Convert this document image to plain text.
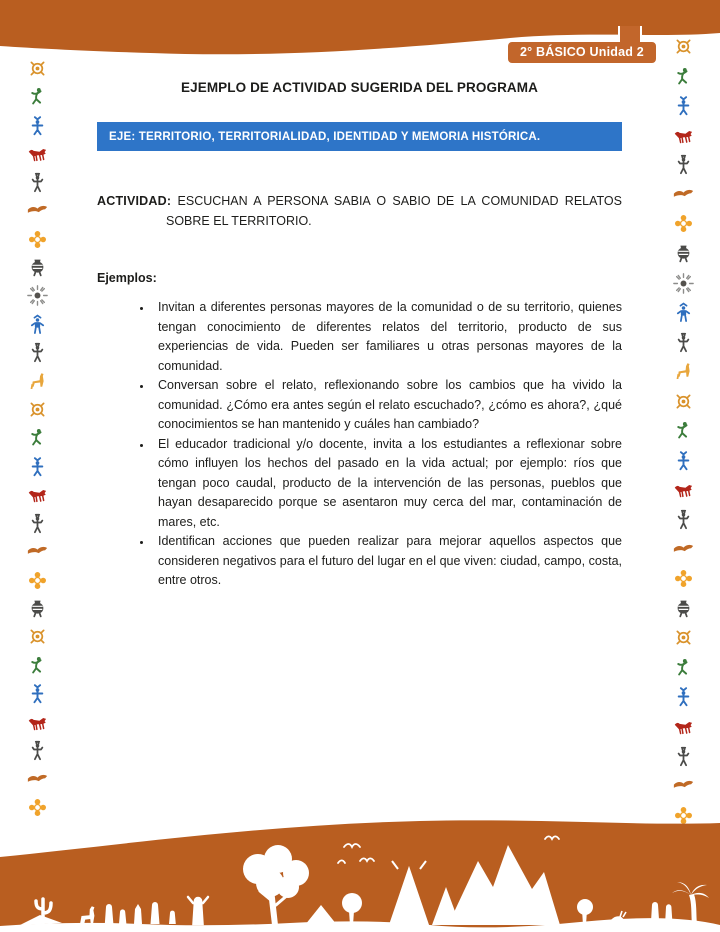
2° BÁSICO Unidad 2
EJEMPLO DE ACTIVIDAD SUGERIDA DEL PROGRAMA
EJE: TERRITORIO, TERRITORIALIDAD, IDENTIDAD Y MEMORIA HISTÓRICA.

ACTIVIDAD: ESCUCHAN A PERSONA SABIA O SABIO DE LA COMUNIDAD RELATOS SOBRE EL TERRITORIO.

Ejemplos:

• Invitan a diferentes personas mayores de la comunidad o de su territorio, quienes tengan conocimiento de diferentes relatos del territorio, producto de sus experiencias de vida. Pueden ser familiares u otras personas mayores de la comunidad.
• Conversan sobre el relato, reflexionando sobre los cambios que ha vivido la comunidad. ¿Cómo era antes según el relato escuchado?, ¿cómo es ahora?, ¿qué conocimientos se han mantenido y cuáles han cambiado?
• El educador tradicional y/o docente, invita a los estudiantes a reflexionar sobre cómo influyen los hechos del pasado en la vida actual; por ejemplo: ríos que tengan poco caudal, producto de la intervención de las personas, pueblos que hayan desaparecido porque se asentaron muy cerca del mar, contaminación de mares, etc.
• Identifican acciones que pueden realizar para mejorar aquellos aspectos que consideren negativos para el futuro del lugar en el que viven: ciudad, campo, costa, entre otros.
